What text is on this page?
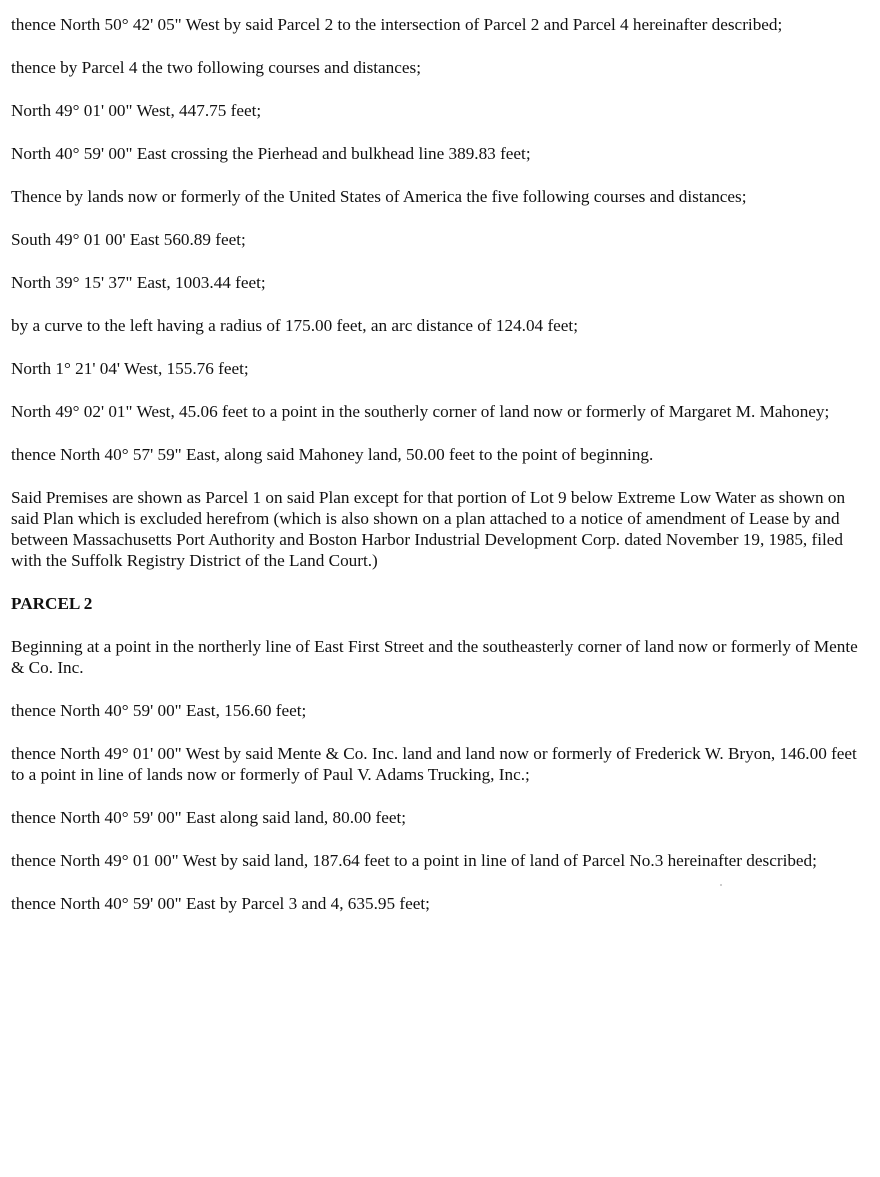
thence North 50° 42' 05" West by said Parcel 2 to the intersection of Parcel 2 and Parcel 4 hereinafter described;

thence by Parcel 4 the two following courses and distances;

North 49° 01' 00" West, 447.75 feet;

North 40° 59' 00" East crossing the Pierhead and bulkhead line 389.83 feet;

Thence by lands now or formerly of the United States of America the five following courses and distances;

South 49° 01 00' East 560.89 feet;

North 39° 15' 37" East, 1003.44 feet;

by a curve to the left having a radius of 175.00 feet, an arc distance of 124.04 feet;

North 1° 21' 04' West, 155.76 feet;

North 49° 02' 01" West, 45.06 feet to a point in the southerly corner of land now or formerly of Margaret M. Mahoney;

thence North 40° 57' 59" East, along said Mahoney land, 50.00 feet to the point of beginning.

Said Premises are shown as Parcel 1 on said Plan except for that portion of Lot 9 below Extreme Low Water as shown on said Plan which is excluded herefrom (which is also shown on a plan attached to a notice of amendment of Lease by and between Massachusetts Port Authority and Boston Harbor Industrial Development Corp. dated November 19, 1985, filed with the Suffolk Registry District of the Land Court.)

PARCEL 2

Beginning at a point in the northerly line of East First Street and the southeasterly corner of land now or formerly of Mente & Co. Inc.

thence North 40° 59' 00" East, 156.60 feet;

thence North 49° 01' 00" West by said Mente & Co. Inc. land and land now or formerly of Frederick W. Bryon, 146.00 feet to a point in line of lands now or formerly of Paul V. Adams Trucking, Inc.;

thence North 40° 59' 00" East along said land, 80.00 feet;

thence North 49° 01 00" West by said land, 187.64 feet to a point in line of land of Parcel No.3 hereinafter described;

thence North 40° 59' 00" East by Parcel 3 and 4, 635.95 feet;
